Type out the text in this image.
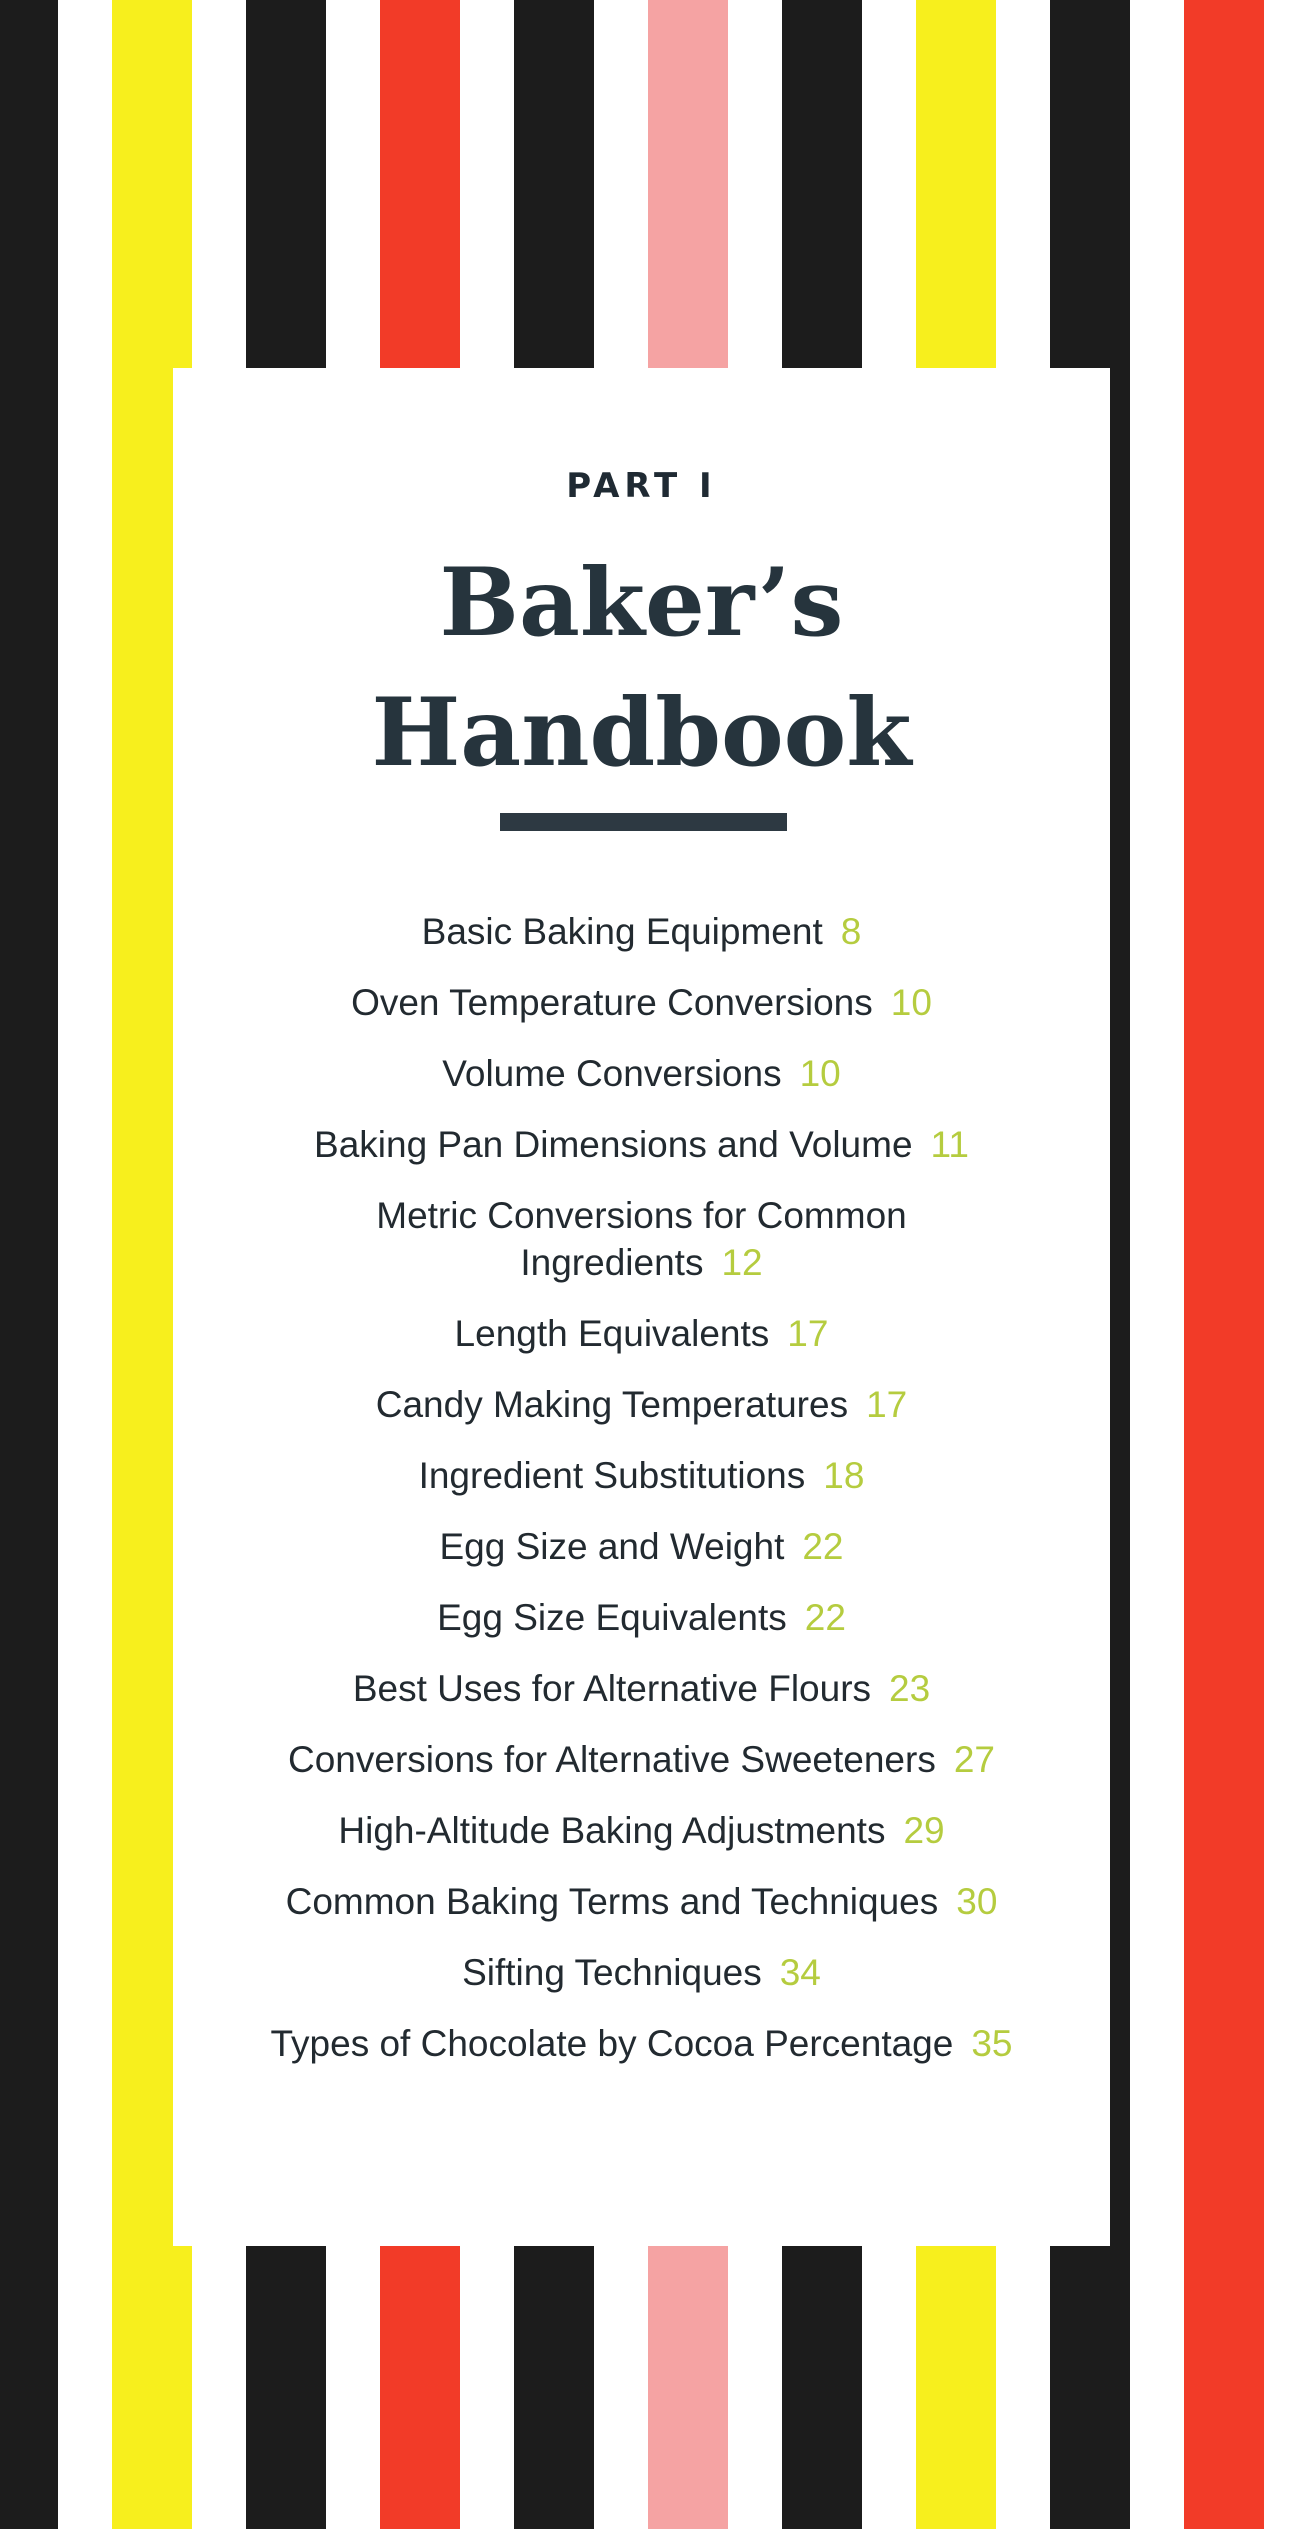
PART I
Baker’s
Handbook
Basic Baking Equipment 8
Oven Temperature Conversions 10
Volume Conversions 10
Baking Pan Dimensions and Volume 11
Metric Conversions for Common Ingredients 12
Length Equivalents 17
Candy Making Temperatures 17
Ingredient Substitutions 18
Egg Size and Weight 22
Egg Size Equivalents 22
Best Uses for Alternative Flours 23
Conversions for Alternative Sweeteners 27
High-Altitude Baking Adjustments 29
Common Baking Terms and Techniques 30
Sifting Techniques 34
Types of Chocolate by Cocoa Percentage 35
